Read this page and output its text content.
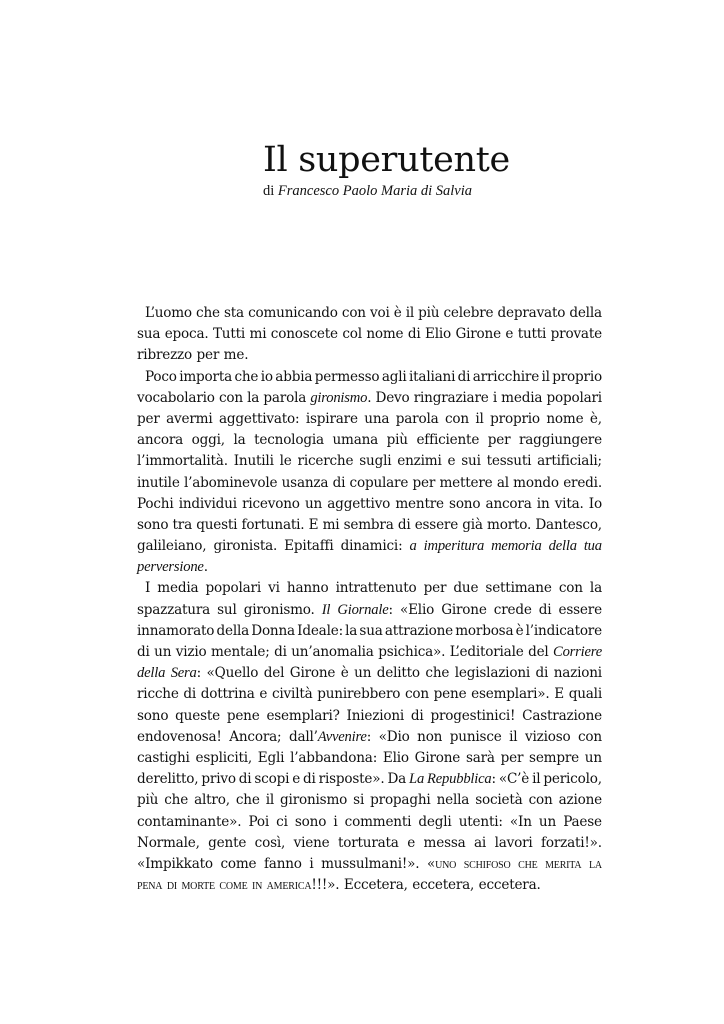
Il superutente
di Francesco Paolo Maria di Salvia
L’uomo che sta comunicando con voi è il più celebre depravato della
sua epoca. Tutti mi conoscete col nome di Elio Girone e tutti provate
ribrezzo per me.
Poco importa che io abbia permesso agli italiani di arricchire il proprio
vocabolario con la parola gironismo. Devo ringraziare i media popolari
per avermi aggettivato: ispirare una parola con il proprio nome è,
ancora oggi, la tecnologia umana più efficiente per raggiungere
l’immortalità. Inutili le ricerche sugli enzimi e sui tessuti artificiali;
inutile l’abominevole usanza di copulare per mettere al mondo eredi.
Pochi individui ricevono un aggettivo mentre sono ancora in vita. Io
sono tra questi fortunati. E mi sembra di essere già morto. Dantesco,
galileiano, gironista. Epitaffi dinamici: a imperitura memoria della tua
perversione.
I media popolari vi hanno intrattenuto per due settimane con la
spazzatura sul gironismo. Il Giornale: «Elio Girone crede di essere
innamorato della Donna Ideale: la sua attrazione morbosa è l’indicatore
di un vizio mentale; di un’anomalia psichica». L’editoriale del Corriere
della Sera: «Quello del Girone è un delitto che legislazioni di nazioni
ricche di dottrina e civiltà punirebbero con pene esemplari». E quali
sono queste pene esemplari? Iniezioni di progestinici! Castrazione
endovenosa! Ancora; dall’Avvenire: «Dio non punisce il vizioso con
castighi espliciti, Egli l’abbandona: Elio Girone sarà per sempre un
derelitto, privo di scopi e di risposte». Da La Repubblica: «C’è il pericolo,
più che altro, che il gironismo si propaghi nella società con azione
contaminante». Poi ci sono i commenti degli utenti: «In un Paese
Normale, gente così, viene torturata e messa ai lavori forzati!».
«Impikkato come fanno i mussulmani!». «uno schifoso che merita la
pena di morte come in america!!!». Eccetera, eccetera, eccetera.
